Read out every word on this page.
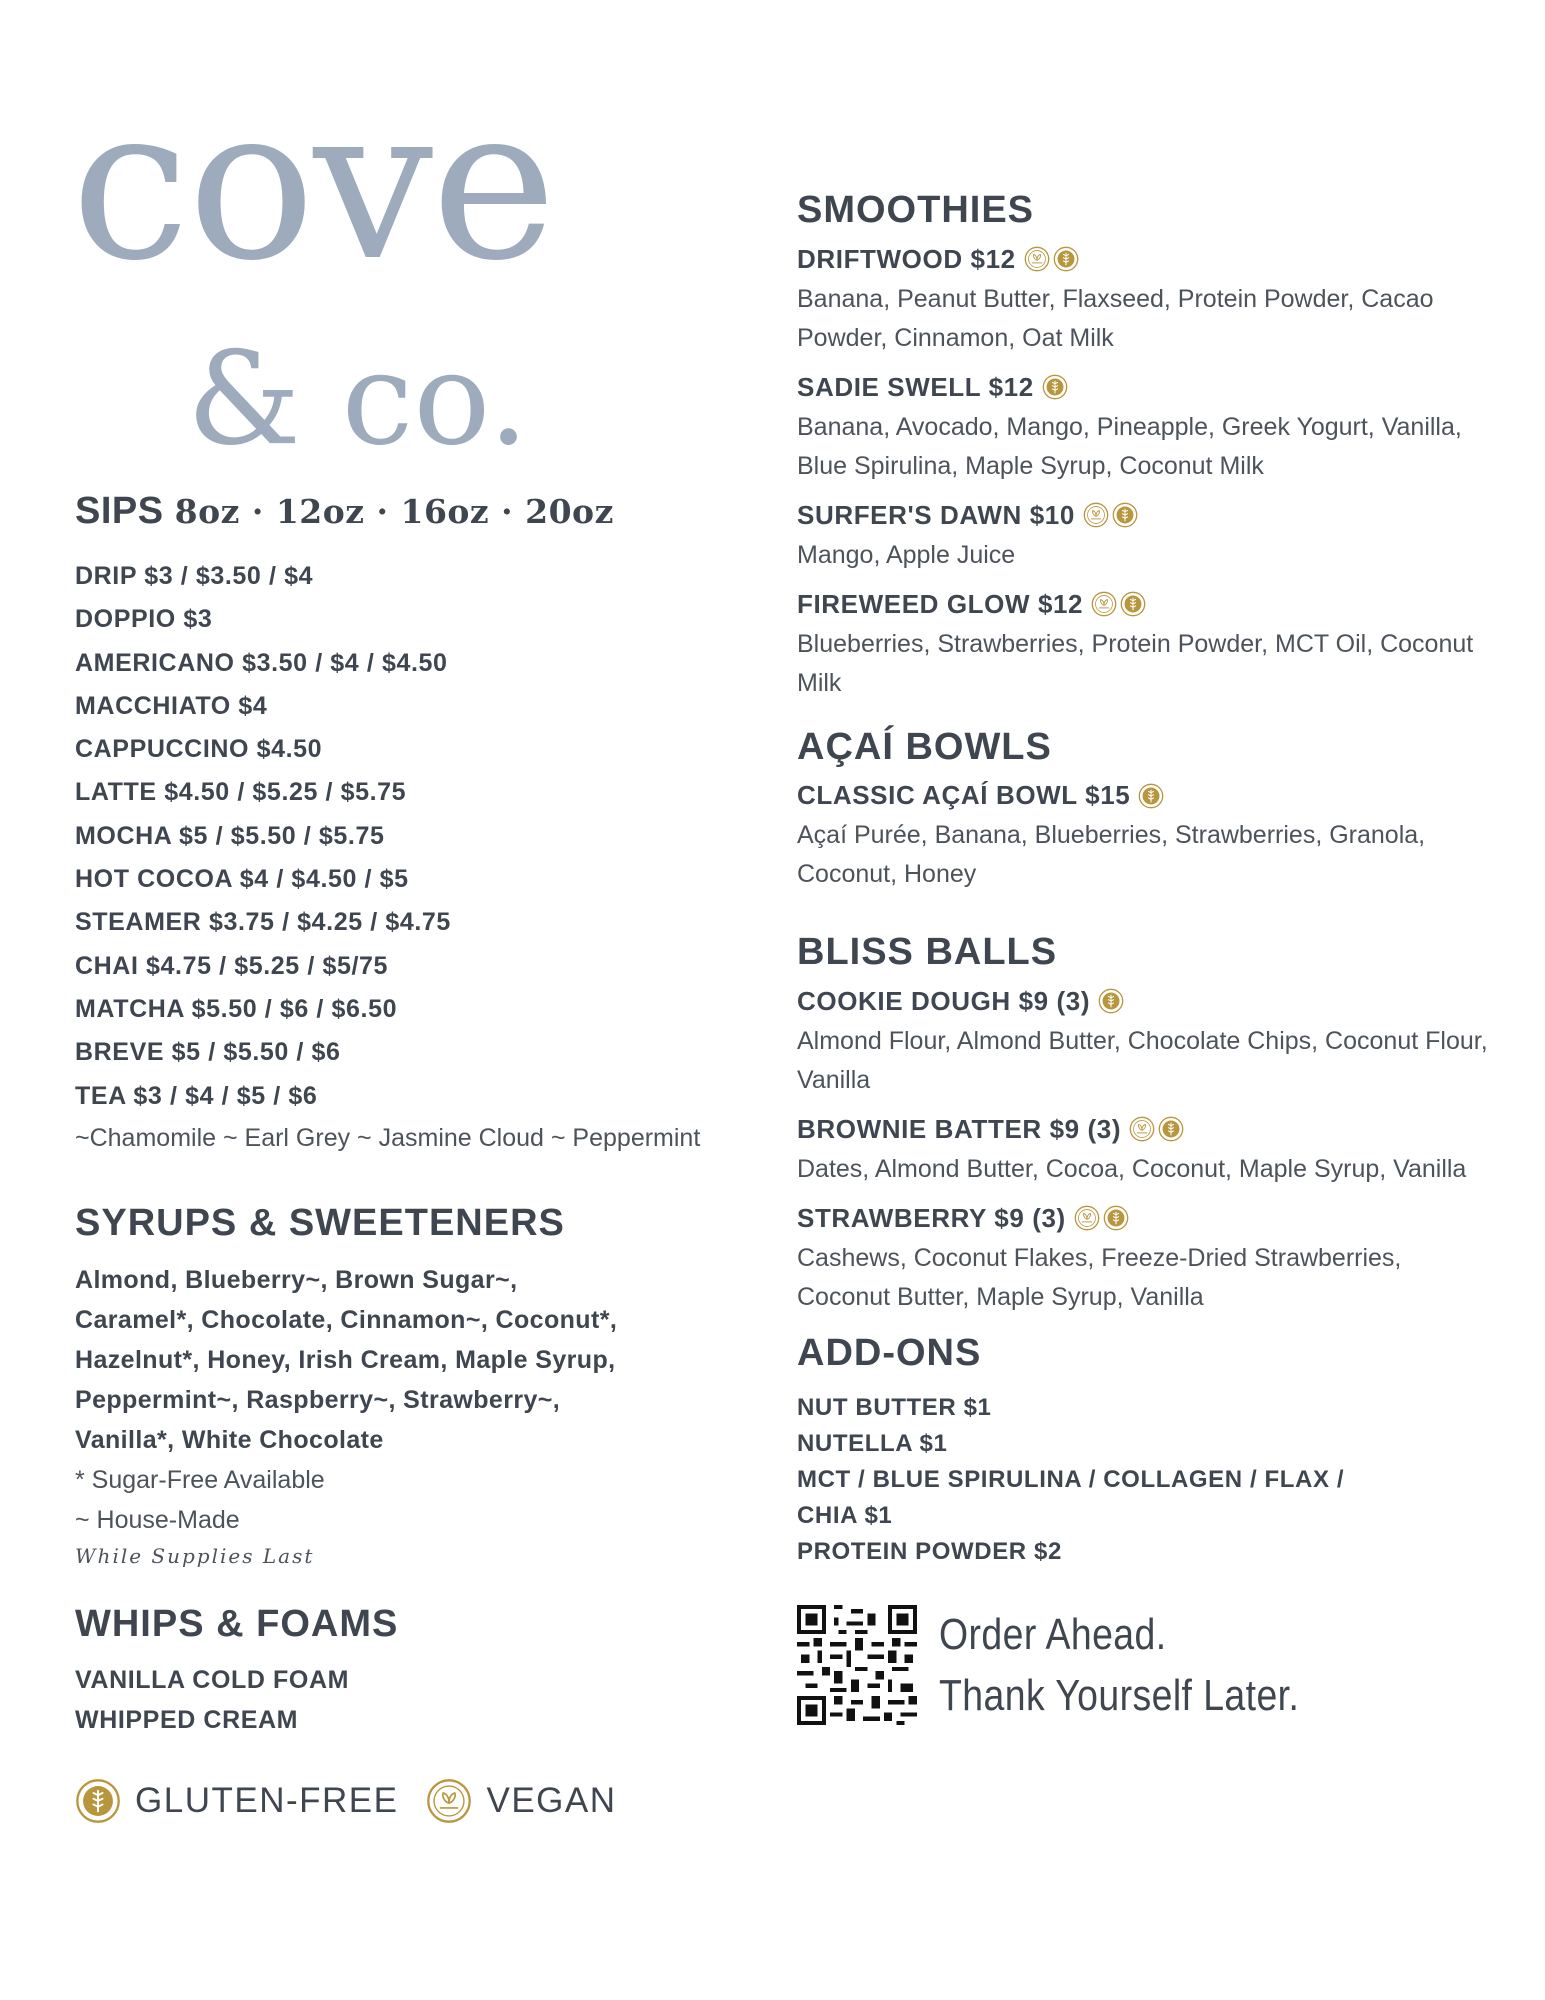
cove
& co.
SIPS 8oz · 12oz · 16oz · 20oz
DRIP $3 / $3.50 / $4
DOPPIO $3
AMERICANO $3.50 / $4 / $4.50
MACCHIATO $4
CAPPUCCINO $4.50
LATTE $4.50 / $5.25 / $5.75
MOCHA $5 / $5.50 / $5.75
HOT COCOA $4 / $4.50 / $5
STEAMER $3.75 / $4.25 / $4.75
CHAI $4.75 / $5.25 / $5/75
MATCHA $5.50 / $6 / $6.50
BREVE $5 / $5.50 / $6
TEA $3 / $4 / $5 / $6
~Chamomile ~ Earl Grey ~ Jasmine Cloud ~ Peppermint
SYRUPS & SWEETENERS
Almond, Blueberry~, Brown Sugar~,
Caramel*, Chocolate, Cinnamon~, Coconut*,
Hazelnut*, Honey, Irish Cream, Maple Syrup,
Peppermint~, Raspberry~, Strawberry~,
Vanilla*, White Chocolate
* Sugar-Free Available
~ House-Made
While Supplies Last
WHIPS & FOAMS
VANILLA COLD FOAM
WHIPPED CREAM
GLUTEN-FREE	VEGAN
SMOOTHIES
DRIFTWOOD $12
Banana, Peanut Butter, Flaxseed, Protein Powder, Cacao Powder, Cinnamon, Oat Milk
SADIE SWELL $12
Banana, Avocado, Mango, Pineapple, Greek Yogurt, Vanilla, Blue Spirulina, Maple Syrup, Coconut Milk
SURFER'S DAWN $10
Mango, Apple Juice
FIREWEED GLOW $12
Blueberries, Strawberries, Protein Powder, MCT Oil, Coconut Milk
AÇAÍ BOWLS
CLASSIC AÇAÍ BOWL $15
Açaí Purée, Banana, Blueberries, Strawberries, Granola, Coconut, Honey
BLISS BALLS
COOKIE DOUGH $9 (3)
Almond Flour, Almond Butter, Chocolate Chips, Coconut Flour, Vanilla
BROWNIE BATTER $9 (3)
Dates, Almond Butter, Cocoa, Coconut, Maple Syrup, Vanilla
STRAWBERRY $9 (3)
Cashews, Coconut Flakes, Freeze-Dried Strawberries, Coconut Butter, Maple Syrup, Vanilla
ADD-ONS
NUT BUTTER $1
NUTELLA $1
MCT / BLUE SPIRULINA / COLLAGEN / FLAX /
CHIA $1
PROTEIN POWDER $2
Order Ahead.
Thank Yourself Later.
